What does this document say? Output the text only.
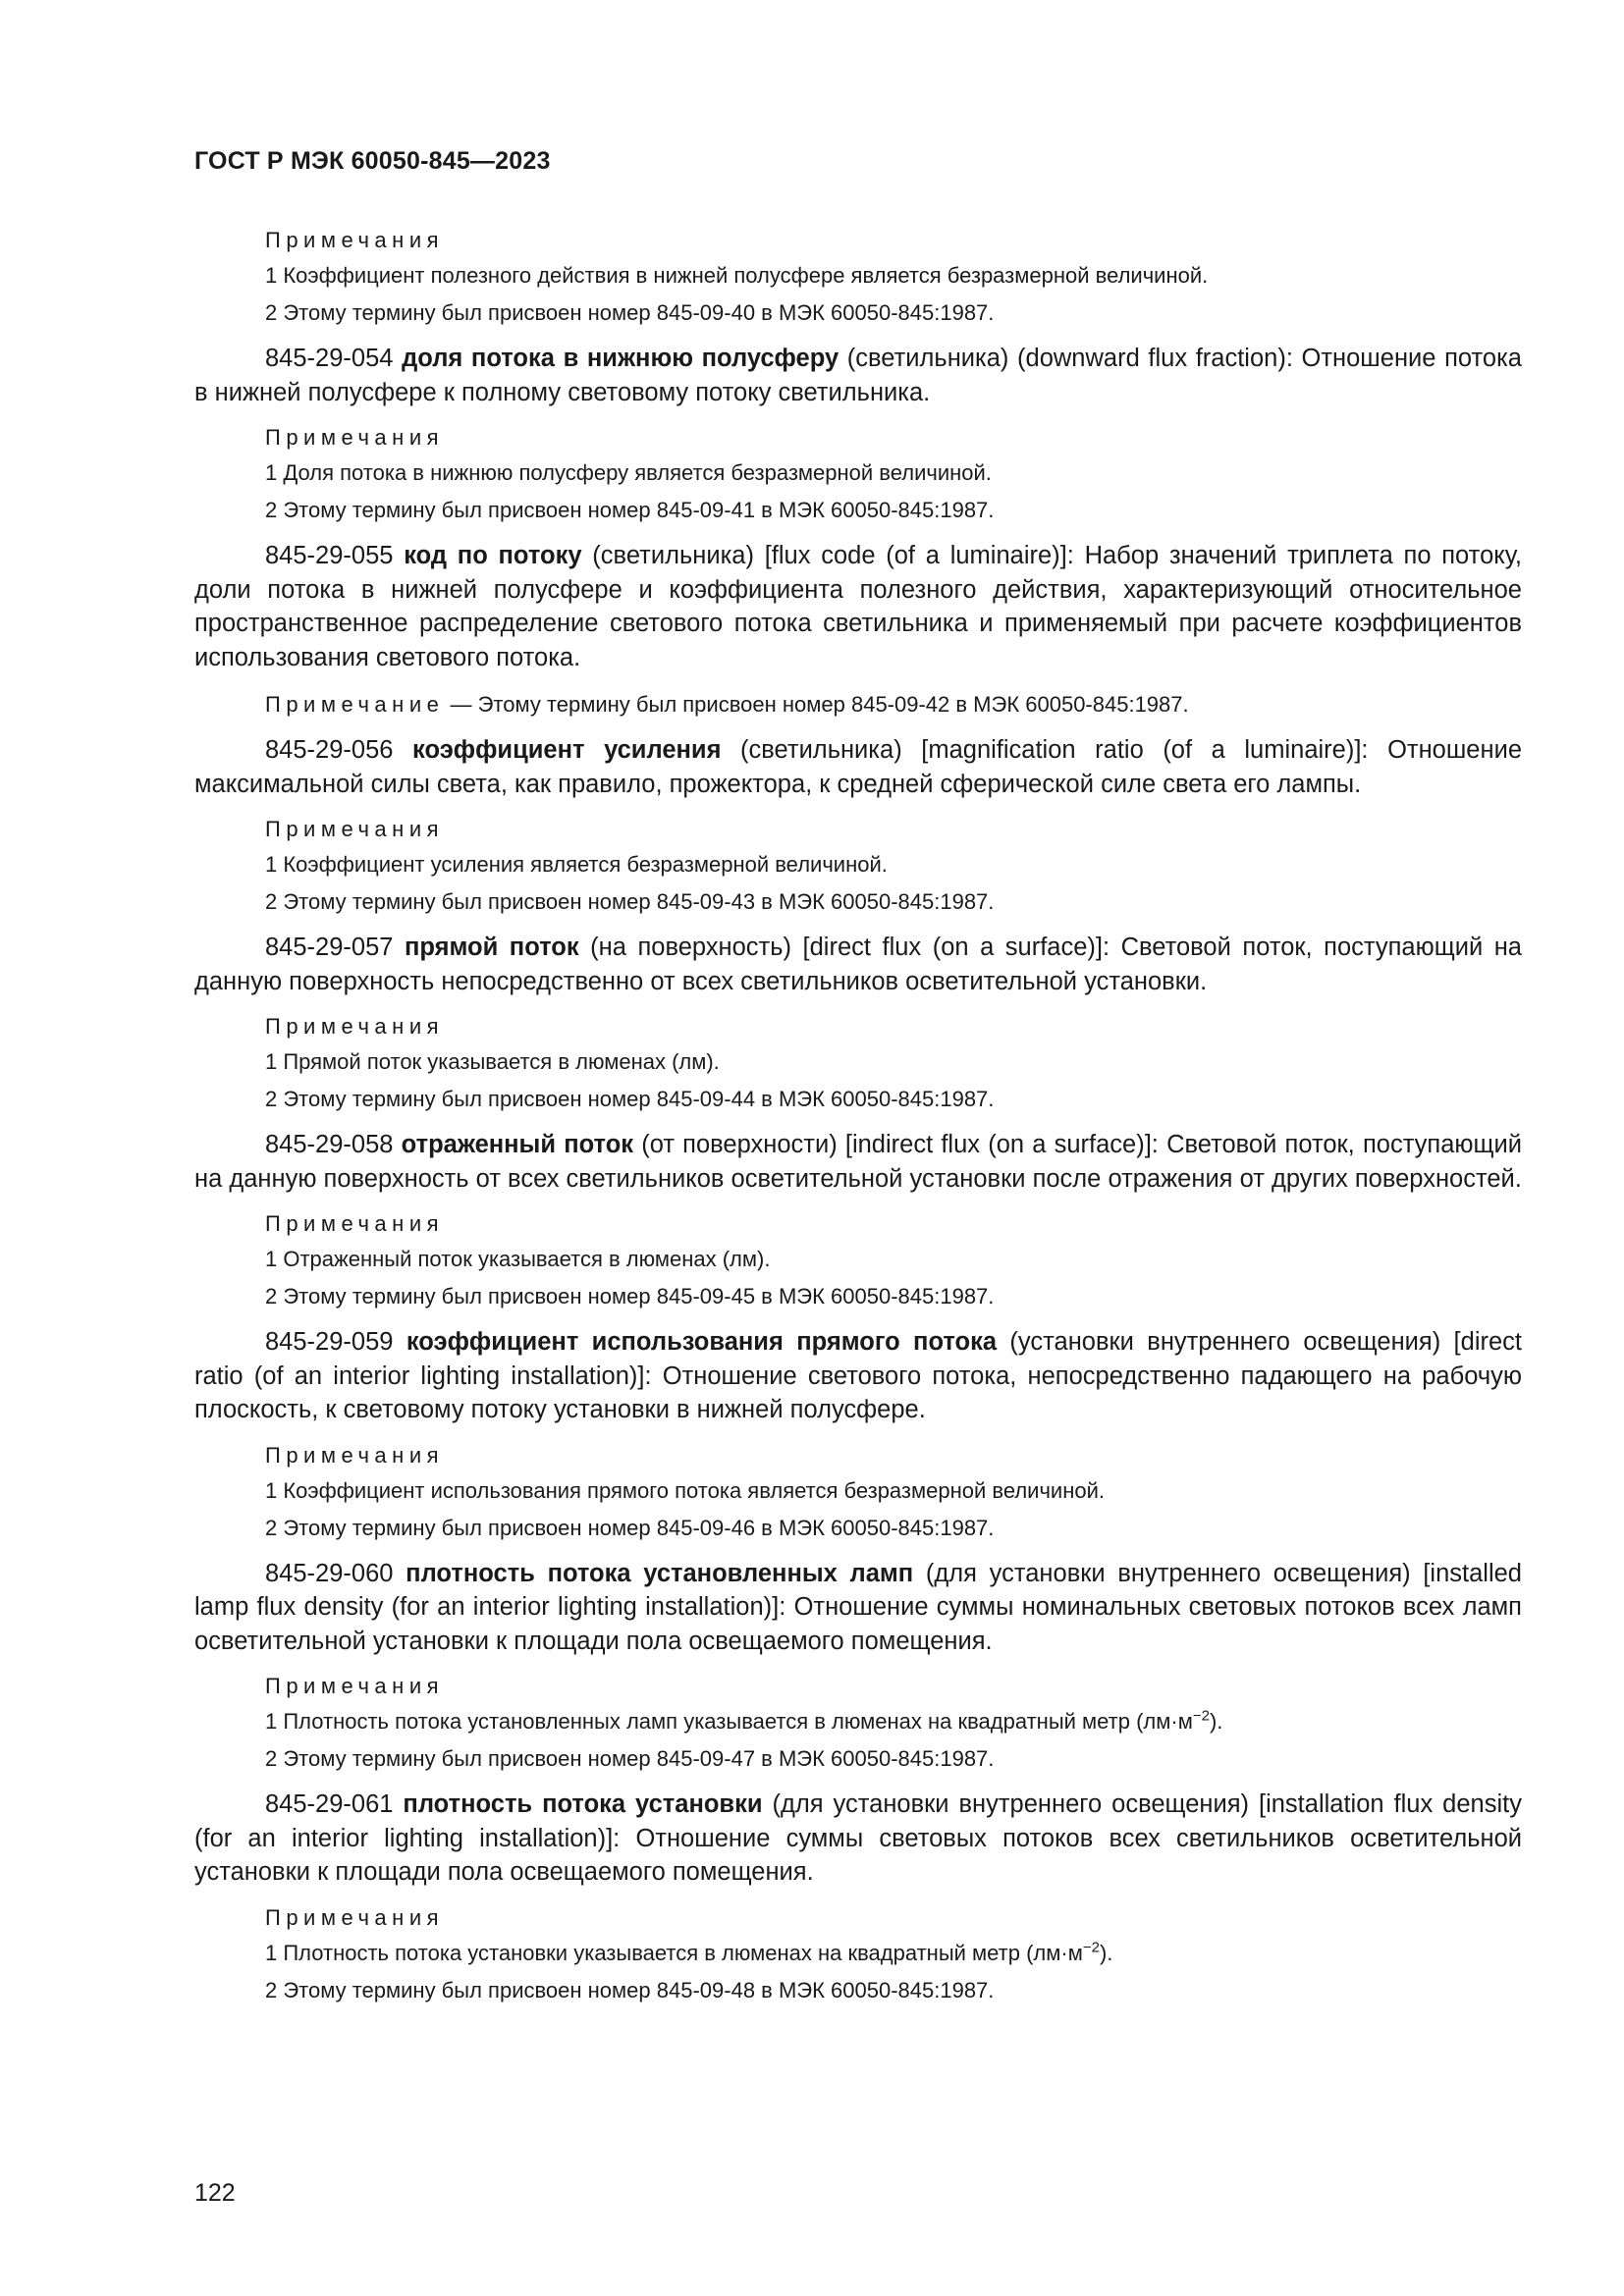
ГОСТ Р МЭК 60050-845—2023

Примечания

1 Коэффициент полезного действия в нижней полусфере является безразмерной величиной.

2 Этому термину был присвоен номер 845-09-40 в МЭК 60050-845:1987.

845-29-054 доля потока в нижнюю полусферу (светильника) (downward flux fraction): Отношение потока в нижней полусфере к полному световому потоку светильника.

Примечания

1 Доля потока в нижнюю полусферу является безразмерной величиной.

2 Этому термину был присвоен номер 845-09-41 в МЭК 60050-845:1987.

845-29-055 код по потоку (светильника) [flux code (of a luminaire)]: Набор значений триплета по потоку, доли потока в нижней полусфере и коэффициента полезного действия, характеризующий относительное пространственное распределение светового потока светильника и применяемый при расчете коэффициентов использования светового потока.

Примечание — Этому термину был присвоен номер 845-09-42 в МЭК 60050-845:1987.

845-29-056 коэффициент усиления (светильника) [magnification ratio (of a luminaire)]: Отношение максимальной силы света, как правило, прожектора, к средней сферической силе света его лампы.

Примечания

1 Коэффициент усиления является безразмерной величиной.

2 Этому термину был присвоен номер 845-09-43 в МЭК 60050-845:1987.

845-29-057 прямой поток (на поверхность) [direct flux (on a surface)]: Световой поток, поступающий на данную поверхность непосредственно от всех светильников осветительной установки.

Примечания

1 Прямой поток указывается в люменах (лм).

2 Этому термину был присвоен номер 845-09-44 в МЭК 60050-845:1987.

845-29-058 отраженный поток (от поверхности) [indirect flux (on a surface)]: Световой поток, поступающий на данную поверхность от всех светильников осветительной установки после отражения от других поверхностей.

Примечания

1 Отраженный поток указывается в люменах (лм).

2 Этому термину был присвоен номер 845-09-45 в МЭК 60050-845:1987.

845-29-059 коэффициент использования прямого потока (установки внутреннего освещения) [direct ratio (of an interior lighting installation)]: Отношение светового потока, непосредственно падающего на рабочую плоскость, к световому потоку установки в нижней полусфере.

Примечания

1 Коэффициент использования прямого потока является безразмерной величиной.

2 Этому термину был присвоен номер 845-09-46 в МЭК 60050-845:1987.

845-29-060 плотность потока установленных ламп (для установки внутреннего освещения) [installed lamp flux density (for an interior lighting installation)]: Отношение суммы номинальных световых потоков всех ламп осветительной установки к площади пола освещаемого помещения.

Примечания

1 Плотность потока установленных ламп указывается в люменах на квадратный метр $(лм\cdot м^{-2})$.

2 Этому термину был присвоен номер 845-09-47 в МЭК 60050-845:1987.

845-29-061 плотность потока установки (для установки внутреннего освещения) [installation flux density (for an interior lighting installation)]: Отношение суммы световых потоков всех светильников осветительной установки к площади пола освещаемого помещения.

Примечания

1 Плотность потока установки указывается в люменах на квадратный метр $(лм\cdot м^{-2})$.

2 Этому термину был присвоен номер 845-09-48 в МЭК 60050-845:1987.

122
